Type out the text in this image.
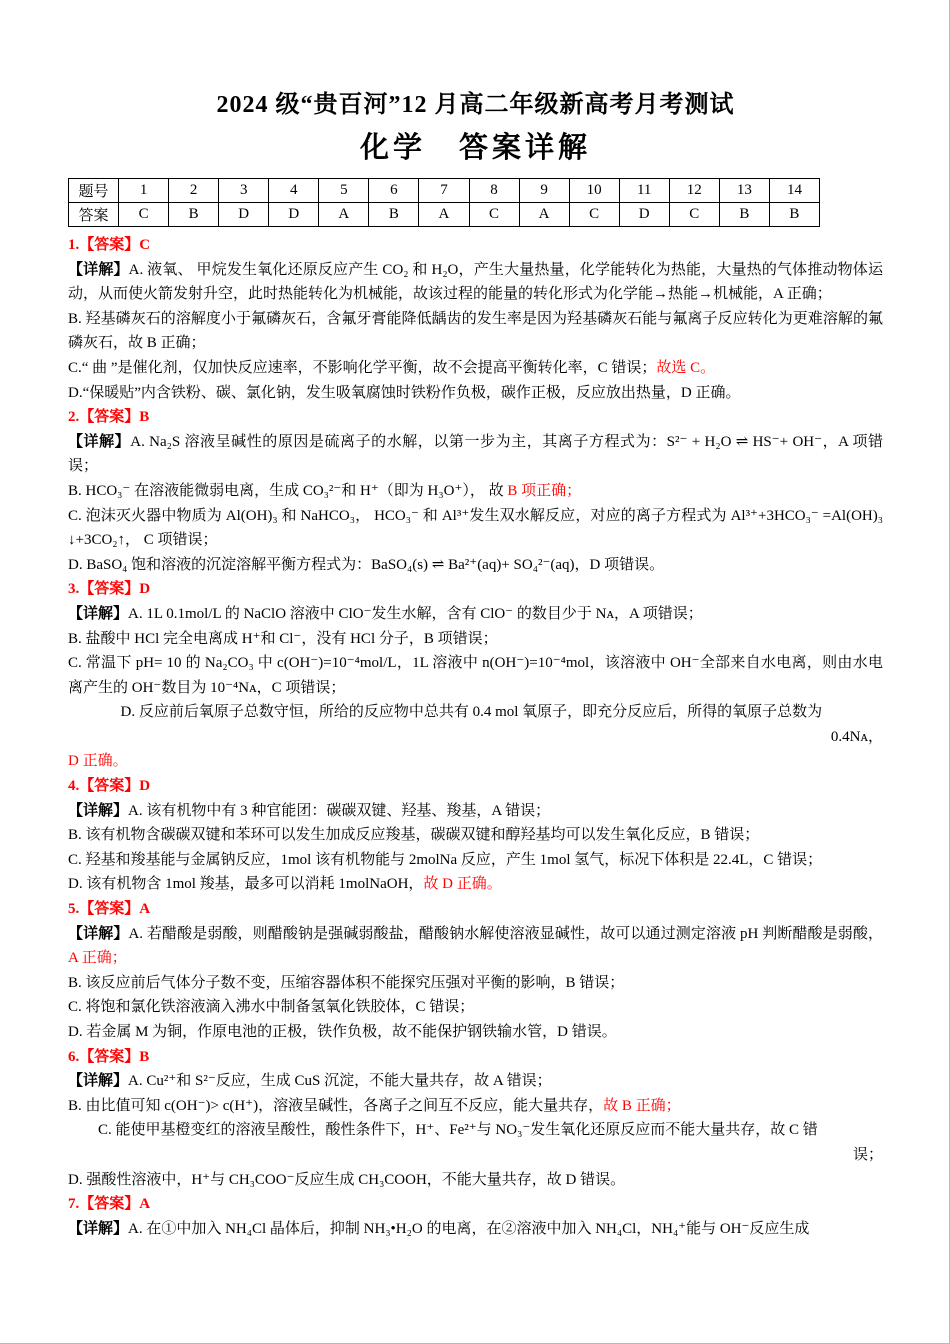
2024 级“贵百河”12 月高二年级新高考月考测试
化学　答案详解
题号	1	2	3	4	5	6	7	8	9	10	11	12	13	14
答案	C	B	D	D	A	B	A	C	A	C	D	C	B	B

1.【答案】C

【详解】A. 液氧、 甲烷发生氧化还原反应产生 CO₂ 和 H₂O，产生大量热量，化学能转化为热能，大量热的气体推动物体运动，从而使火箭发射升空，此时热能转化为机械能，故该过程的能量的转化形式为化学能→热能→机械能，A 正确；

B. 羟基磷灰石的溶解度小于氟磷灰石，含氟牙膏能降低龋齿的发生率是因为羟基磷灰石能与氟离子反应转化为更难溶解的氟磷灰石，故 B 正确；

C.“ 曲 ”是催化剂，仅加快反应速率，不影响化学平衡，故不会提高平衡转化率，C 错误；故选 C。

D.“保暖贴”内含铁粉、碳、氯化钠，发生吸氧腐蚀时铁粉作负极，碳作正极，反应放出热量，D 正确。

2.【答案】B

【详解】A. Na₂S 溶液呈碱性的原因是硫离子的水解，以第一步为主，其离子方程式为：S²⁻ + H₂O ⇌ HS⁻+ OH⁻，A 项错误；

B. HCO₃⁻ 在溶液能微弱电离，生成 CO₃²⁻和 H⁺（即为 H₃O⁺）， 故 B 项正确；

C. 泡沫灭火器中物质为 Al(OH)₃ 和 NaHCO₃， HCO₃⁻ 和 Al³⁺发生双水解反应，对应的离子方程式为 Al³⁺+3HCO₃⁻ =Al(OH)₃↓+3CO₂↑， C 项错误；

D. BaSO₄ 饱和溶液的沉淀溶解平衡方程式为：BaSO₄(s) ⇌ Ba²⁺(aq)+ SO₄²⁻(aq)，D 项错误。

3.【答案】D

【详解】A. 1L 0.1mol/L 的 NaClO 溶液中 ClO⁻发生水解，含有 ClO⁻ 的数目少于 Nᴀ，A 项错误；

B. 盐酸中 HCl 完全电离成 H⁺和 Cl⁻，没有 HCl 分子，B 项错误；

C. 常温下 pH= 10 的 Na₂CO₃ 中 c(OH⁻)=10⁻⁴mol/L，1L 溶液中 n(OH⁻)=10⁻⁴mol，该溶液中 OH⁻全部来自水电离，则由水电离产生的 OH⁻数目为 10⁻⁴Nᴀ，C 项错误；

D. 反应前后氧原子总数守恒，所给的反应物中总共有 0.4 mol 氧原子，即充分反应后，所得的氧原子总数为

0.4Nᴀ，

D 正确。

4.【答案】D

【详解】A. 该有机物中有 3 种官能团：碳碳双键、羟基、羧基，A 错误；

B. 该有机物含碳碳双键和苯环可以发生加成反应羧基，碳碳双键和醇羟基均可以发生氧化反应，B 错误；

C. 羟基和羧基能与金属钠反应，1mol 该有机物能与 2molNa 反应，产生 1mol 氢气，标况下体积是 22.4L，C 错误；

D. 该有机物含 1mol 羧基，最多可以消耗 1molNaOH，故 D 正确。

5.【答案】A

【详解】A. 若醋酸是弱酸，则醋酸钠是强碱弱酸盐，醋酸钠水解使溶液显碱性，故可以通过测定溶液 pH 判断醋酸是弱酸，A 正确；

B. 该反应前后气体分子数不变，压缩容器体积不能探究压强对平衡的影响，B 错误；

C. 将饱和氯化铁溶液滴入沸水中制备氢氧化铁胶体，C 错误；

D. 若金属 M 为铜，作原电池的正极，铁作负极，故不能保护钢铁输水管，D 错误。

6.【答案】B

【详解】A. Cu²⁺和 S²⁻反应，生成 CuS 沉淀，不能大量共存，故 A 错误；

B. 由比值可知 c(OH⁻)> c(H⁺)，溶液呈碱性，各离子之间互不反应，能大量共存，故 B 正确；

C. 能使甲基橙变红的溶液呈酸性，酸性条件下，H⁺、Fe²⁺与 NO₃⁻发生氧化还原反应而不能大量共存，故 C 错

误；

D. 强酸性溶液中，H⁺与 CH₃COO⁻反应生成 CH₃COOH，不能大量共存，故 D 错误。

7.【答案】A

【详解】A. 在①中加入 NH₄Cl 晶体后，抑制 NH₃•H₂O 的电离，在②溶液中加入 NH₄Cl，NH₄⁺能与 OH⁻反应生成
